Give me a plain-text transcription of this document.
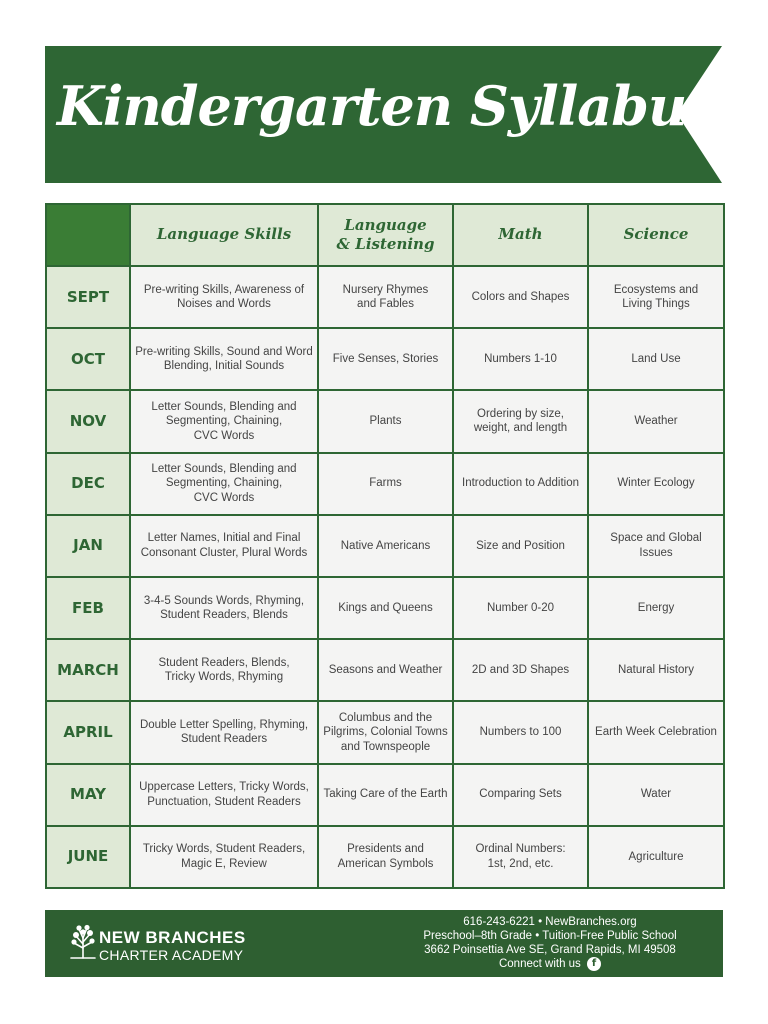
Kindergarten Syllabus

	Language Skills	Language
& Listening	Math	Science

SEPT	Pre-writing Skills, Awareness of
Noises and Words	Nursery Rhymes
and Fables	Colors and Shapes	Ecosystems and
Living Things

OCT	Pre-writing Skills, Sound and Word
Blending, Initial Sounds	Five Senses, Stories	Numbers 1-10	Land Use

NOV	Letter Sounds, Blending and
Segmenting, Chaining,
CVC Words	Plants	Ordering by size,
weight, and length	Weather

DEC	Letter Sounds, Blending and
Segmenting, Chaining,
CVC Words	Farms	Introduction to Addition	Winter Ecology

JAN	Letter Names, Initial and Final
Consonant Cluster, Plural Words	Native Americans	Size and Position	Space and Global Issues

FEB	3-4-5 Sounds Words, Rhyming,
Student Readers, Blends	Kings and Queens	Number 0-20	Energy

MARCH	Student Readers, Blends,
Tricky Words, Rhyming	Seasons and Weather	2D and 3D Shapes	Natural History

APRIL	Double Letter Spelling, Rhyming,
Student Readers	Columbus and the
Pilgrims, Colonial Towns
and Townspeople	Numbers to 100	Earth Week Celebration

MAY	Uppercase Letters, Tricky Words,
Punctuation, Student Readers	Taking Care of the Earth	Comparing Sets	Water

JUNE	Tricky Words, Student Readers,
Magic E, Review	Presidents and
American Symbols	Ordinal Numbers:
1st, 2nd, etc.	Agriculture
NEW BRANCHES
CHARTER ACADEMY
616-243-6221 • NewBranches.org
Preschool–8th Grade • Tuition-Free Public School
3662 Poinsettia Ave SE, Grand Rapids, MI 49508
Connect with us f
